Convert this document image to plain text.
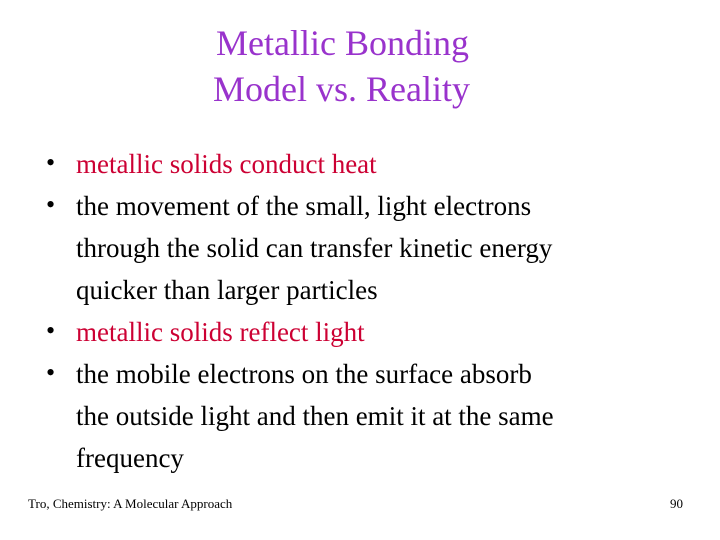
Metallic Bonding
Model vs. Reality
• metallic solids conduct heat
• the movement of the small, light electrons
through the solid can transfer kinetic energy
quicker than larger particles
• metallic solids reflect light
• the mobile electrons on the surface absorb
the outside light and then emit it at the same
frequency
Tro, Chemistry: A Molecular Approach	90
